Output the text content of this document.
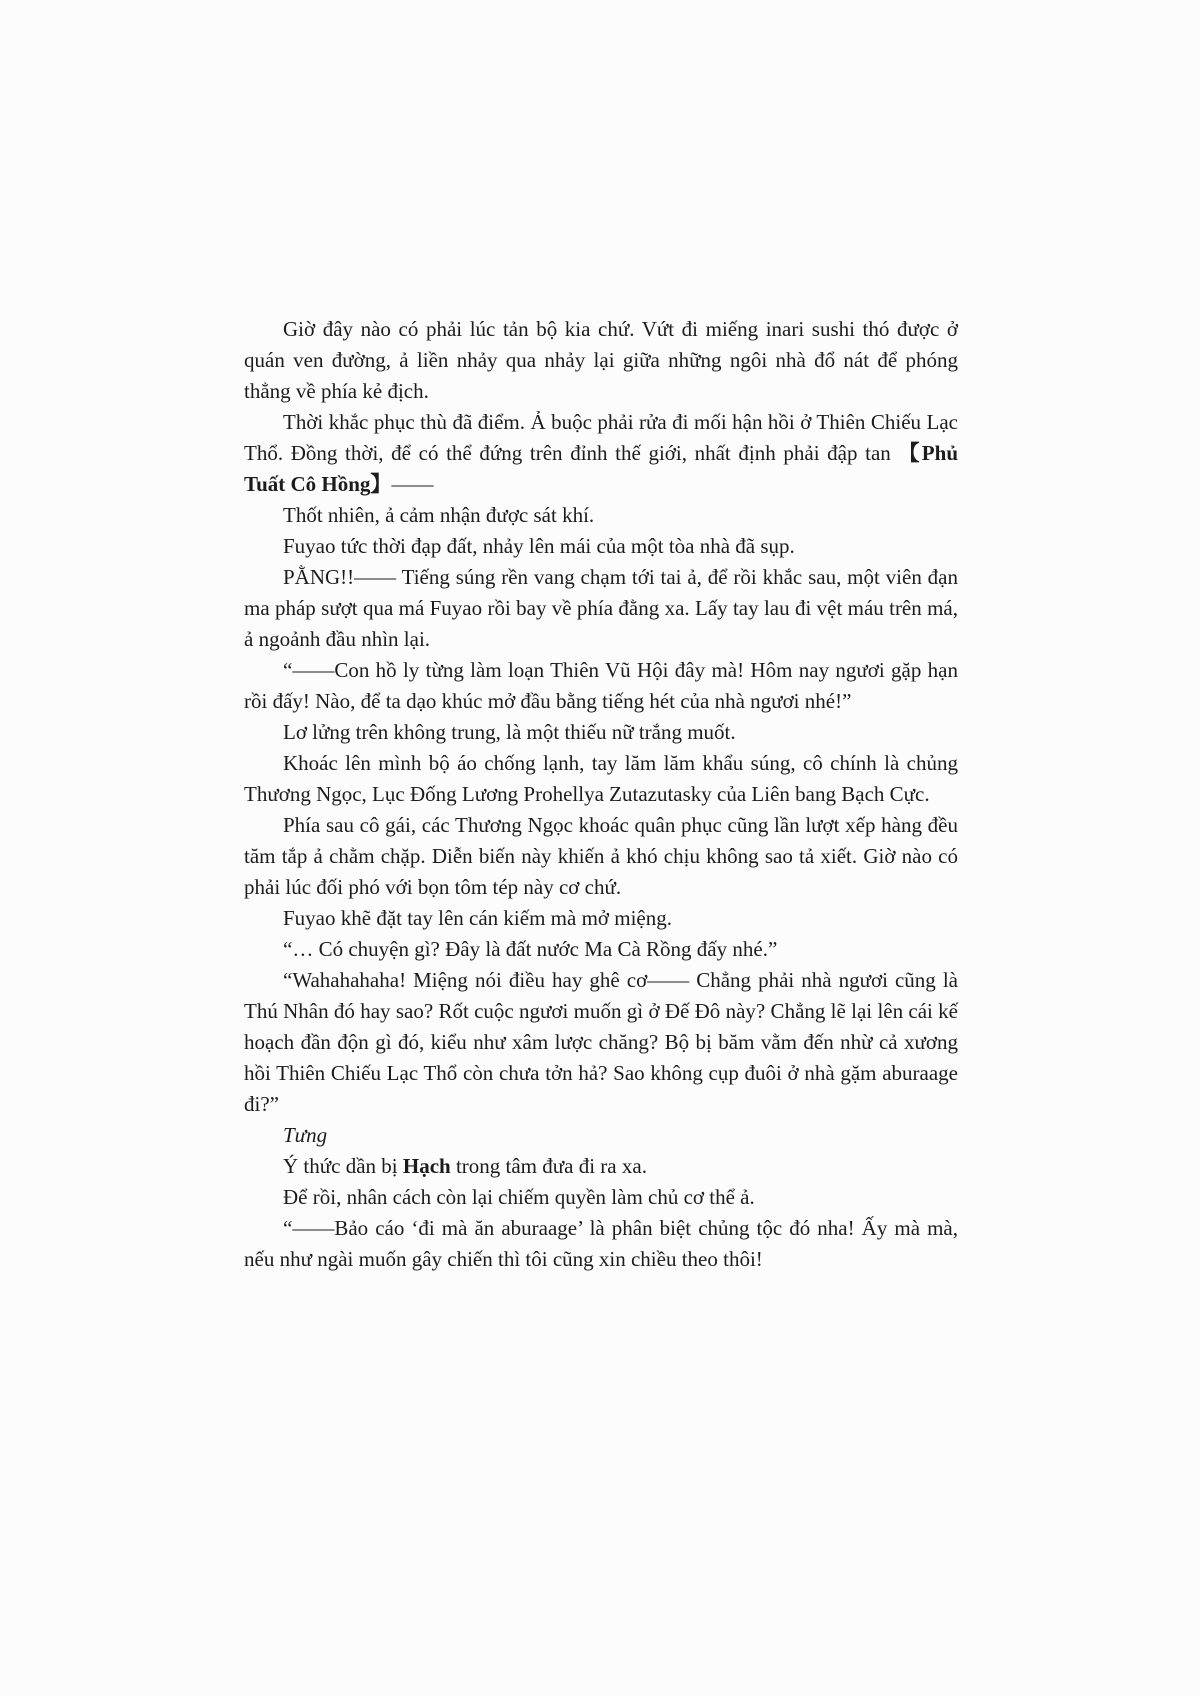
Giờ đây nào có phải lúc tản bộ kia chứ. Vứt đi miếng inari sushi thó được ở quán ven đường, ả liền nhảy qua nhảy lại giữa những ngôi nhà đổ nát để phóng thẳng về phía kẻ địch.

Thời khắc phục thù đã điểm. Ả buộc phải rửa đi mối hận hồi ở Thiên Chiếu Lạc Thổ. Đồng thời, để có thể đứng trên đỉnh thế giới, nhất định phải đập tan 【Phủ Tuất Cô Hồng】——

Thốt nhiên, ả cảm nhận được sát khí.

Fuyao tức thời đạp đất, nhảy lên mái của một tòa nhà đã sụp.

PẰNG!!—— Tiếng súng rền vang chạm tới tai ả, để rồi khắc sau, một viên đạn ma pháp sượt qua má Fuyao rồi bay về phía đằng xa. Lấy tay lau đi vệt máu trên má, ả ngoảnh đầu nhìn lại.

“——Con hồ ly từng làm loạn Thiên Vũ Hội đây mà! Hôm nay ngươi gặp hạn rồi đấy! Nào, để ta dạo khúc mở đầu bằng tiếng hét của nhà ngươi nhé!”

Lơ lửng trên không trung, là một thiếu nữ trắng muốt.

Khoác lên mình bộ áo chống lạnh, tay lăm lăm khẩu súng, cô chính là chủng Thương Ngọc, Lục Đống Lương Prohellya Zutazutasky của Liên bang Bạch Cực.

Phía sau cô gái, các Thương Ngọc khoác quân phục cũng lần lượt xếp hàng đều tăm tắp ả chằm chặp. Diễn biến này khiến ả khó chịu không sao tả xiết. Giờ nào có phải lúc đối phó với bọn tôm tép này cơ chứ.

Fuyao khẽ đặt tay lên cán kiếm mà mở miệng.

“… Có chuyện gì? Đây là đất nước Ma Cà Rồng đấy nhé.”

“Wahahahaha! Miệng nói điều hay ghê cơ—— Chẳng phải nhà ngươi cũng là Thú Nhân đó hay sao? Rốt cuộc ngươi muốn gì ở Đế Đô này? Chẳng lẽ lại lên cái kế hoạch đần độn gì đó, kiểu như xâm lược chăng? Bộ bị băm vằm đến nhừ cả xương hồi Thiên Chiếu Lạc Thổ còn chưa tởn hả? Sao không cụp đuôi ở nhà gặm aburaage đi?”

Tưng

Ý thức dần bị Hạch trong tâm đưa đi ra xa.

Để rồi, nhân cách còn lại chiếm quyền làm chủ cơ thể ả.

“——Bảo cáo ‘đi mà ăn aburaage’ là phân biệt chủng tộc đó nha! Ấy mà mà, nếu như ngài muốn gây chiến thì tôi cũng xin chiều theo thôi!
